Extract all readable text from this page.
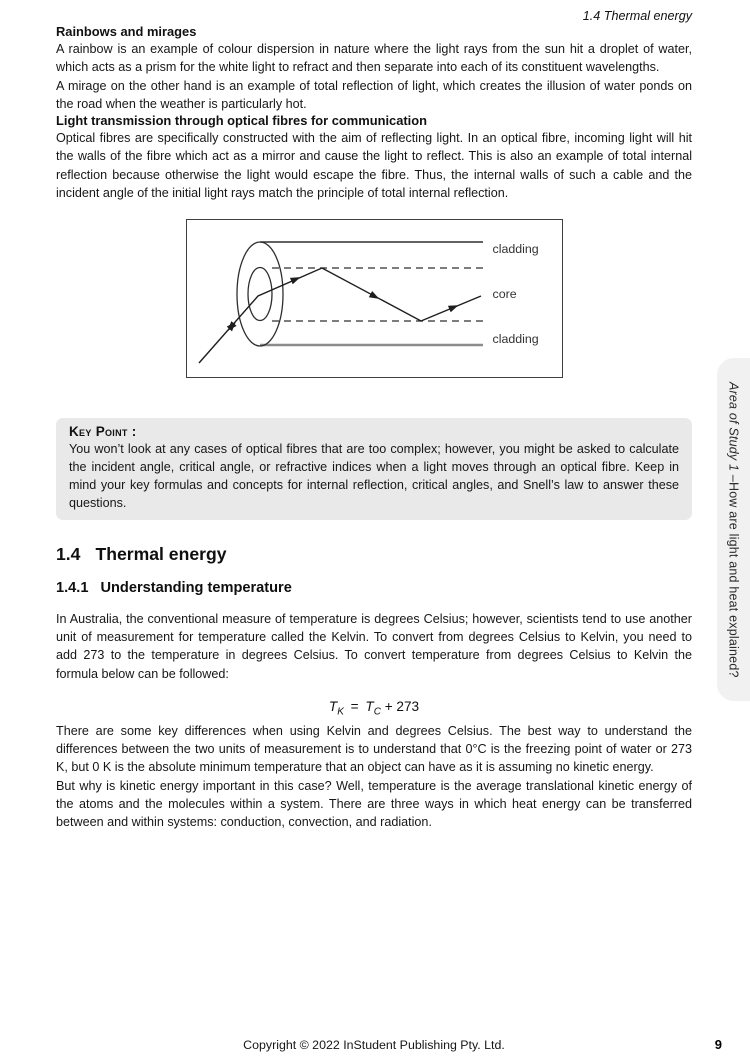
1.4 Thermal energy
Rainbows and mirages

A rainbow is an example of colour dispersion in nature where the light rays from the sun hit a droplet of water, which acts as a prism for the white light to refract and then separate into each of its constituent wavelengths.

A mirage on the other hand is an example of total reflection of light, which creates the illusion of water ponds on the road when the weather is particularly hot.

Light transmission through optical fibres for communication

Optical fibres are specifically constructed with the aim of reflecting light. In an optical fibre, incoming light will hit the walls of the fibre which act as a mirror and cause the light to reflect. This is also an example of total internal reflection because otherwise the light would escape the fibre. Thus, the internal walls of such a cable and the incident angle of the initial light rays match the principle of total internal reflection.

cladding
core
cladding
Key Point :
You won’t look at any cases of optical fibres that are too complex; however, you might be asked to calculate the incident angle, critical angle, or refractive indices when a light moves through an optical fibre. Keep in mind your key formulas and concepts for internal reflection, critical angles, and Snell’s law to answer these questions.
1.4 Thermal energy
1.4.1 Understanding temperature

In Australia, the conventional measure of temperature is degrees Celsius; however, scientists tend to use another unit of measurement for temperature called the Kelvin. To convert from degrees Celsius to Kelvin, you need to add 273 to the temperature in degrees Celsius. To convert temperature from degrees Celsius to Kelvin the formula below can be followed:

$T_K = T_C + 273$

There are some key differences when using Kelvin and degrees Celsius. The best way to understand the differences between the two units of measurement is to understand that 0°C is the freezing point of water or 273 K, but 0 K is the absolute minimum temperature that an object can have as it is assuming no kinetic energy.

But why is kinetic energy important in this case? Well, temperature is the average translational kinetic energy of the atoms and the molecules within a system. There are three ways in which heat energy can be transferred between and within systems: conduction, convection, and radiation.

Area of Study 1 –
How are light and heat explained?
Copyright © 2022 InStudent Publishing Pty. Ltd.	9
